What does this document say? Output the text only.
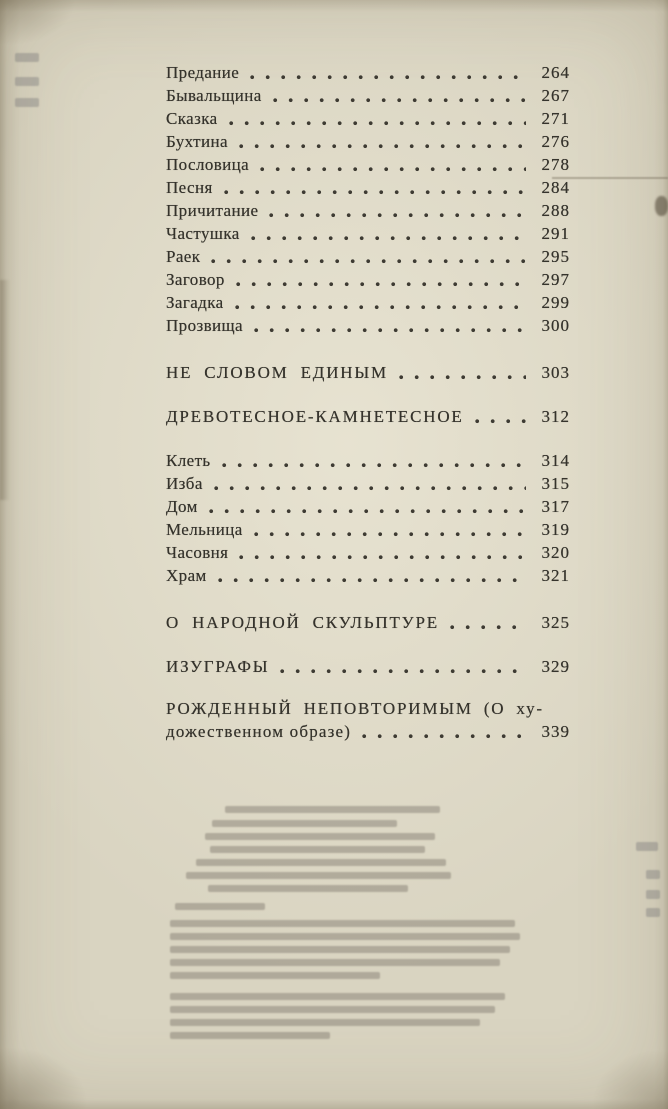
Предание	264
Бывальщина	267
Сказка	271
Бухтина	276
Пословица	278
Песня	284
Причитание	288
Частушка	291
Раек	295
Заговор	297
Загадка	299
Прозвища	300
НЕ СЛОВОМ ЕДИНЫМ	303
ДРЕВОТЕСНОЕ-КАМНЕТЕСНОЕ	312
Клеть	314
Изба	315
Дом	317
Мельница	319
Часовня	320
Храм	321
О НАРОДНОЙ СКУЛЬПТУРЕ	325
ИЗУГРАФЫ	329
РОЖДЕННЫЙ НЕПОВТОРИМЫМ (О ху-
дожественном образе)	339
